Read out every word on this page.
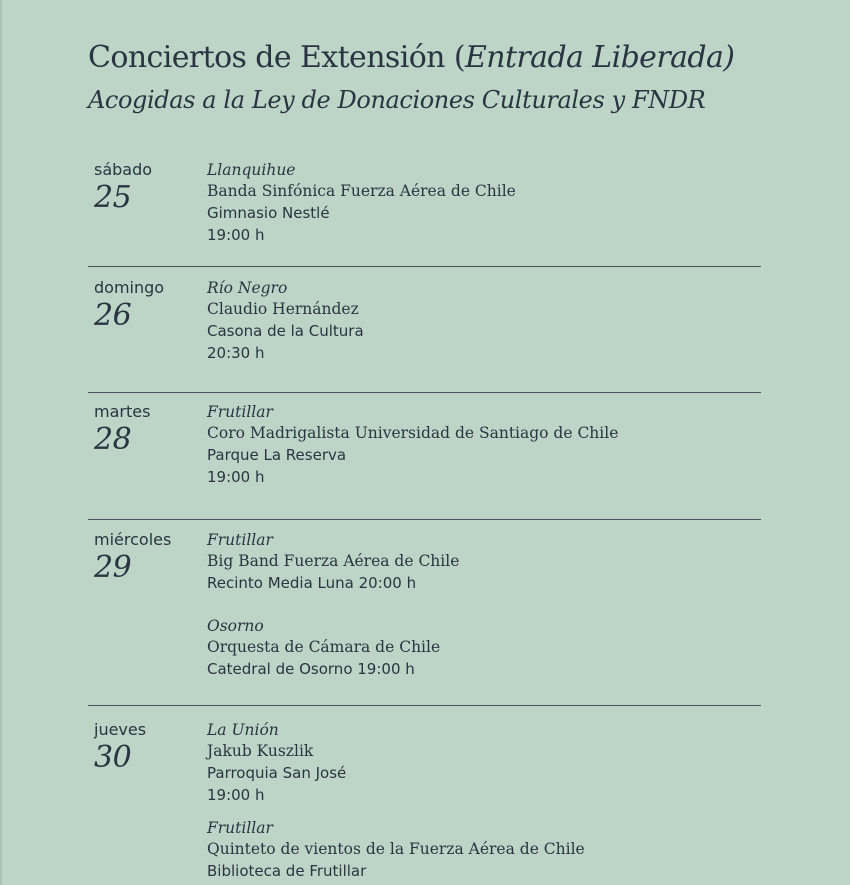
Conciertos de Extensión (Entrada Liberada)
Acogidas a la Ley de Donaciones Culturales y FNDR
sábado
25
Llanquihue
Banda Sinfónica Fuerza Aérea de Chile
Gimnasio Nestlé
19:00 h
domingo
26
Río Negro
Claudio Hernández
Casona de la Cultura
20:30 h
martes
28
Frutillar
Coro Madrigalista Universidad de Santiago de Chile
Parque La Reserva
19:00 h
miércoles
29
Frutillar
Big Band Fuerza Aérea de Chile
Recinto Media Luna 20:00 h
Osorno
Orquesta de Cámara de Chile
Catedral de Osorno 19:00 h
jueves
30
La Unión
Jakub Kuszlik
Parroquia San José
19:00 h
Frutillar
Quinteto de vientos de la Fuerza Aérea de Chile
Biblioteca de Frutillar
